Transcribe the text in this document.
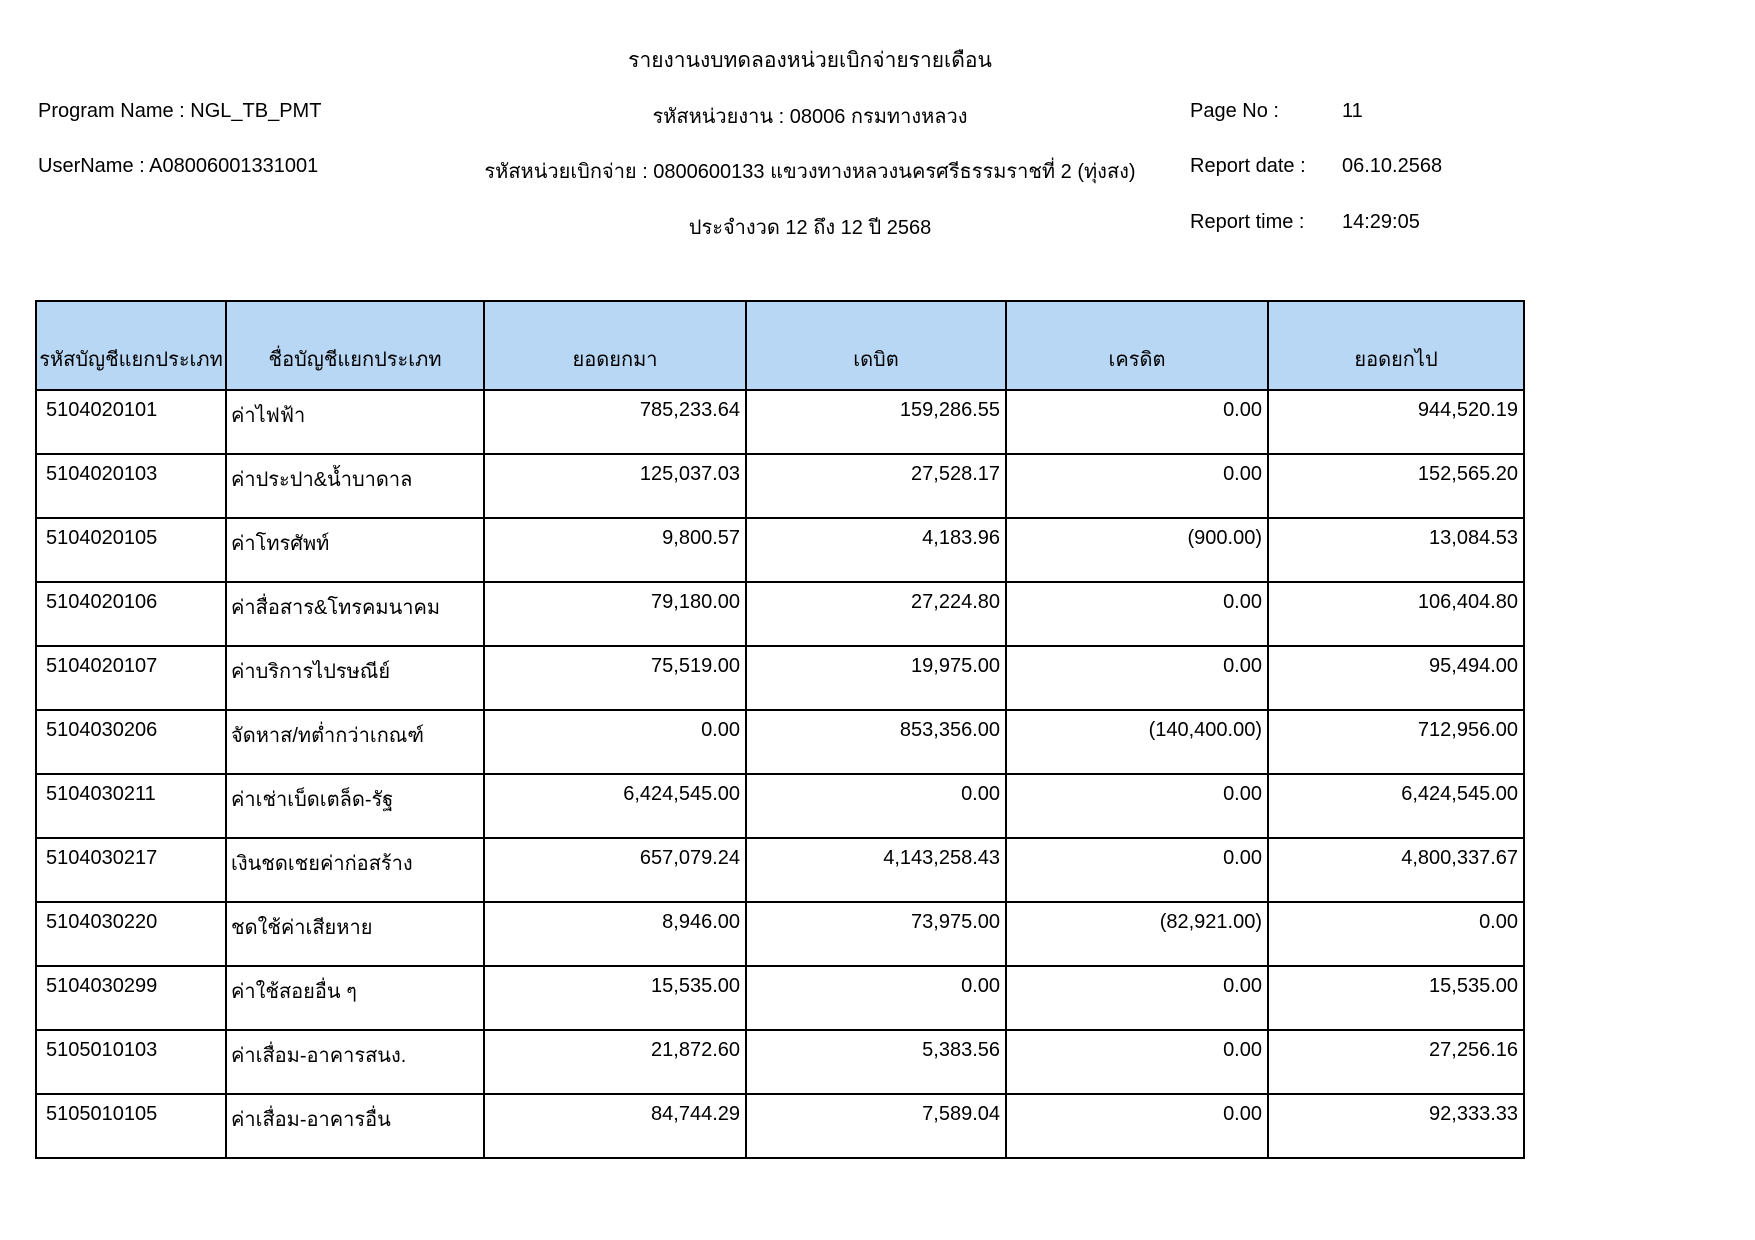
รายงานงบทดลองหน่วยเบิกจ่ายรายเดือน
Program Name : NGL_TB_PMT
UserName : A08006001331001
รหัสหน่วยงาน : 08006 กรมทางหลวง
รหัสหน่วยเบิกจ่าย : 0800600133 แขวงทางหลวงนครศรีธรรมราชที่ 2 (ทุ่งสง)
ประจำงวด 12 ถึง 12 ปี 2568
Page No :	11
Report date : 06.10.2568
Report time : 14:29:05
รหัสบัญชีแยกประเภท	ชื่อบัญชีแยกประเภท	ยอดยกมา	เดบิต	เครดิต	ยอดยกไป
5104020101	ค่าไฟฟ้า	785,233.64	159,286.55	0.00	944,520.19
5104020103	ค่าประปา&น้ำบาดาล	125,037.03	27,528.17	0.00	152,565.20
5104020105	ค่าโทรศัพท์	9,800.57	4,183.96	(900.00)	13,084.53
5104020106	ค่าสื่อสาร&โทรคมนาคม	79,180.00	27,224.80	0.00	106,404.80
5104020107	ค่าบริการไปรษณีย์	75,519.00	19,975.00	0.00	95,494.00
5104030206	จัดหาส/ทต่ำกว่าเกณฑ์	0.00	853,356.00	(140,400.00)	712,956.00
5104030211	ค่าเช่าเบ็ดเตล็ด-รัฐ	6,424,545.00	0.00	0.00	6,424,545.00
5104030217	เงินชดเชยค่าก่อสร้าง	657,079.24	4,143,258.43	0.00	4,800,337.67
5104030220	ชดใช้ค่าเสียหาย	8,946.00	73,975.00	(82,921.00)	0.00
5104030299	ค่าใช้สอยอื่น ๆ	15,535.00	0.00	0.00	15,535.00
5105010103	ค่าเสื่อม-อาคารสนง.	21,872.60	5,383.56	0.00	27,256.16
5105010105	ค่าเสื่อม-อาคารอื่น	84,744.29	7,589.04	0.00	92,333.33
